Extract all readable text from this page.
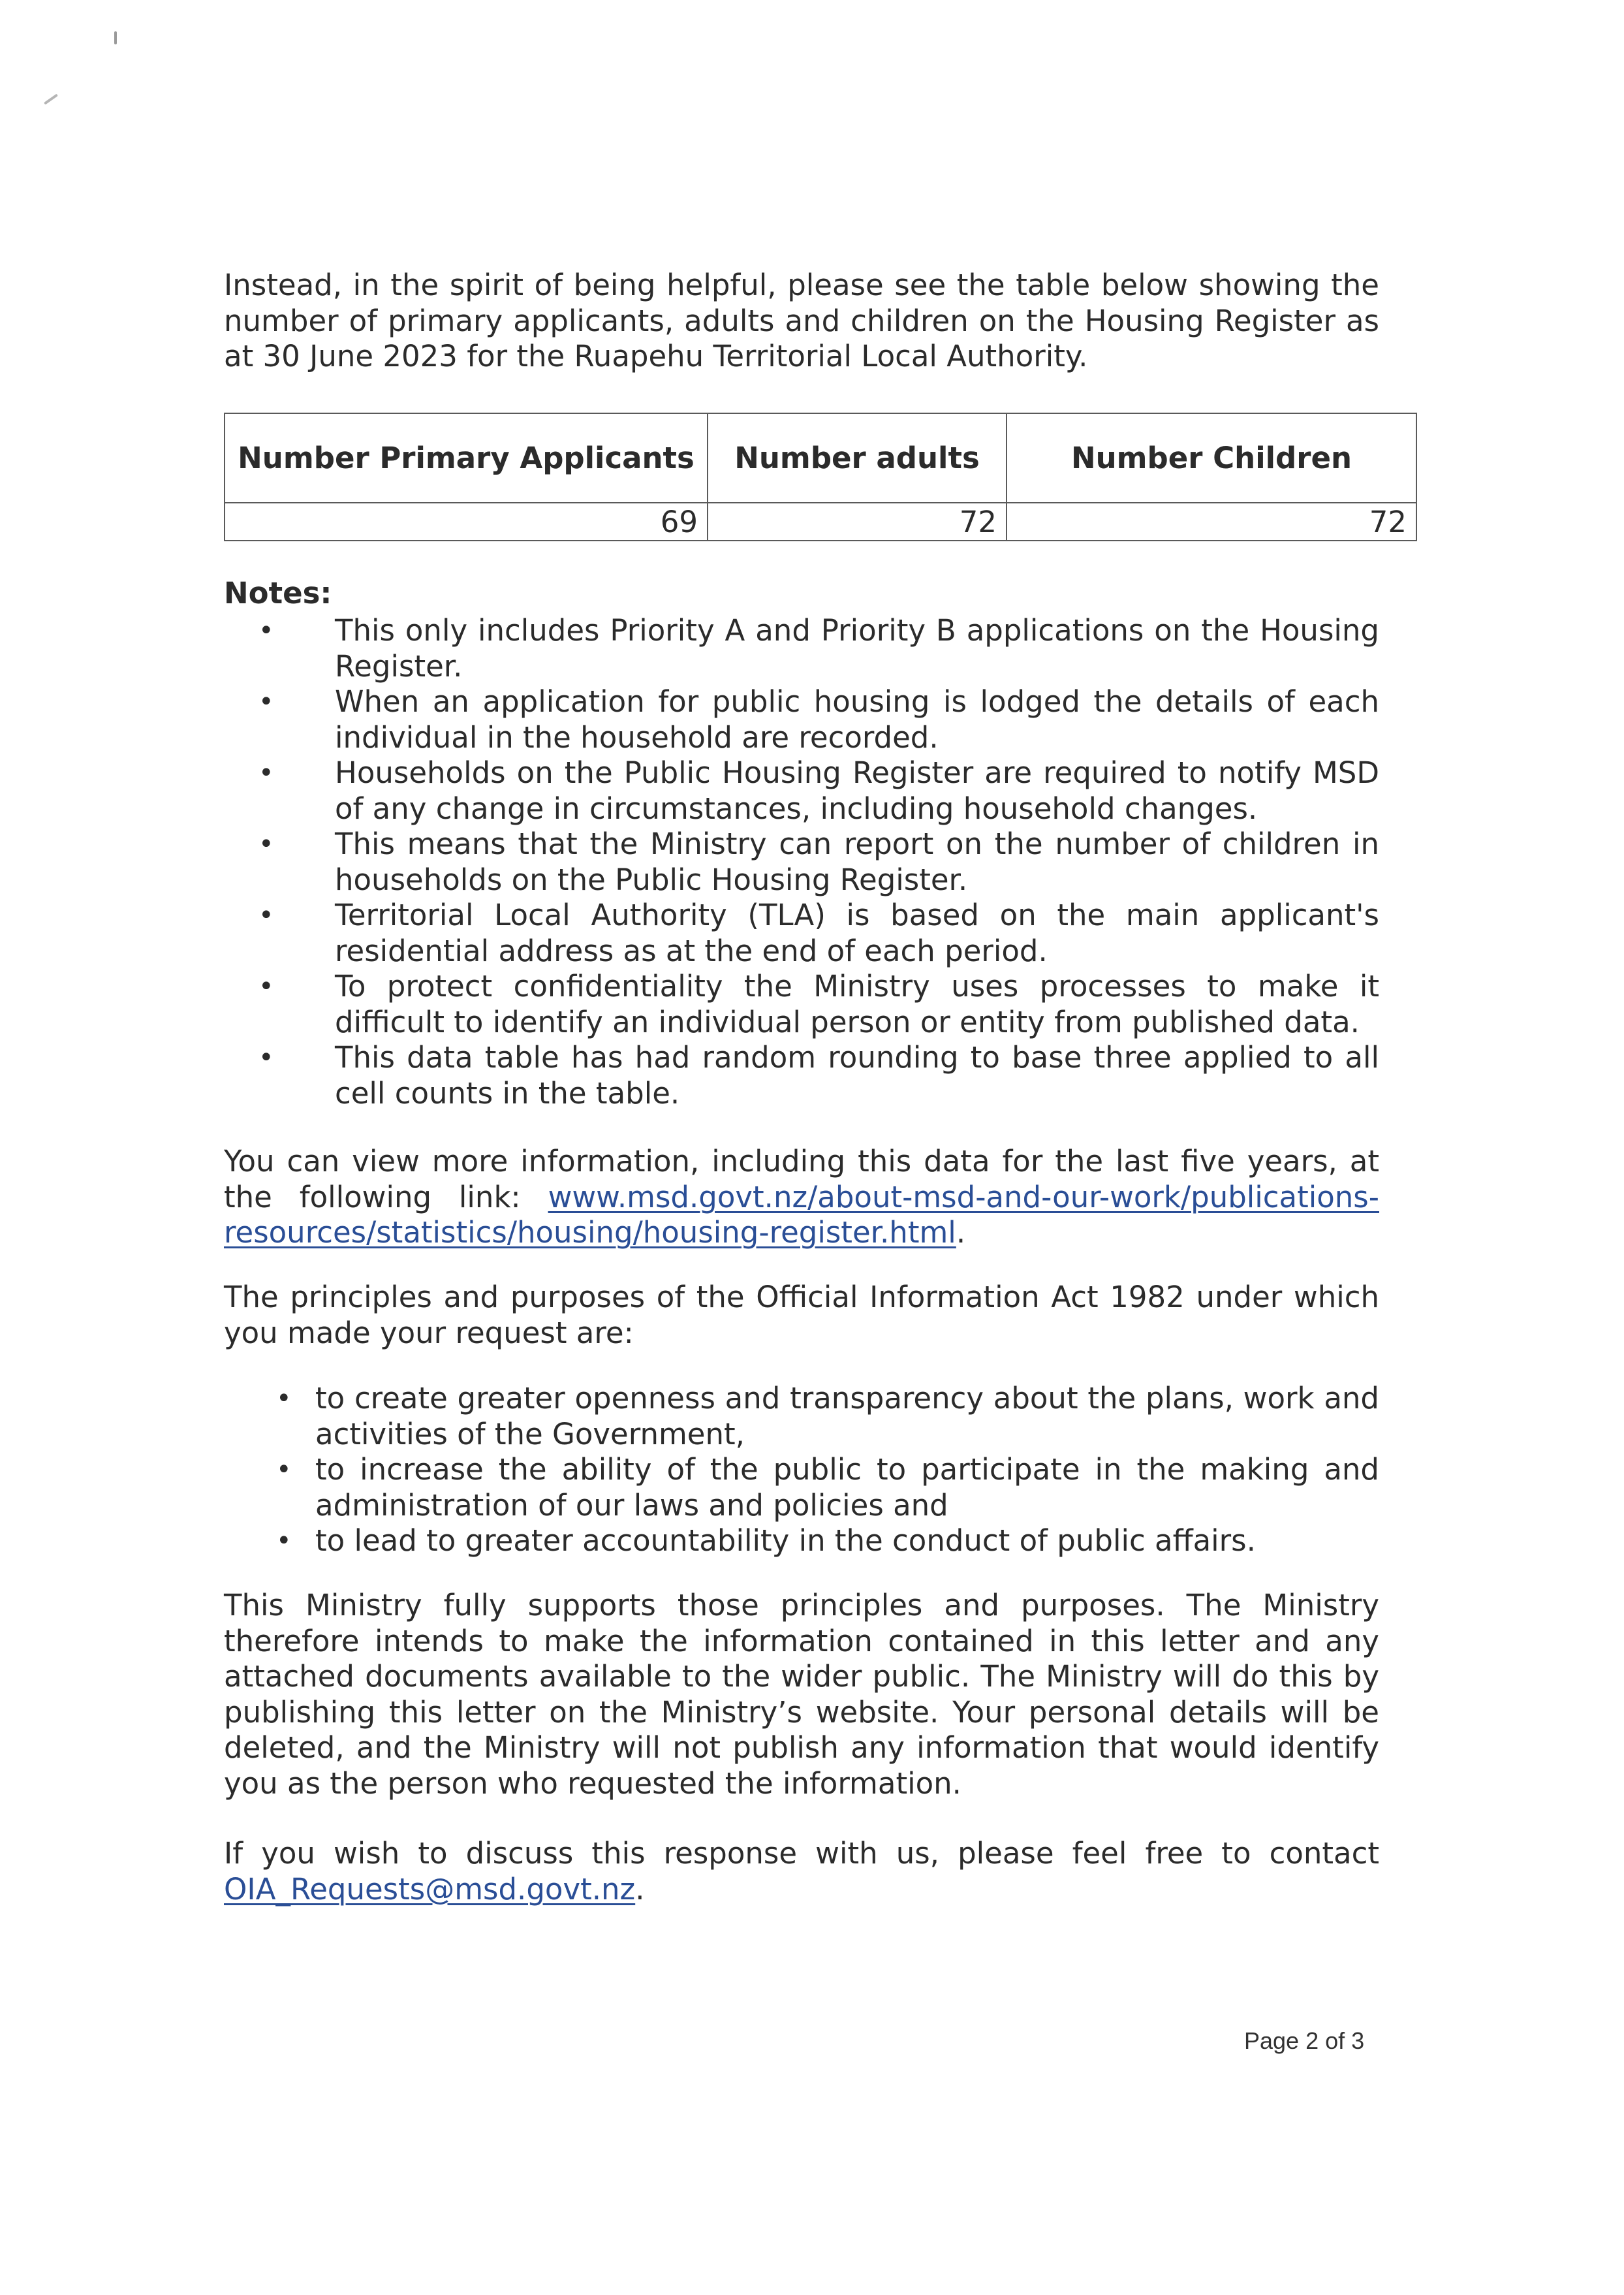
Instead, in the spirit of being helpful, please see the table below showing the number of primary applicants, adults and children on the Housing Register as at 30 June 2023 for the Ruapehu Territorial Local Authority.

Number Primary Applicants	Number adults	Number Children
69	72	72

Notes:

• This only includes Priority A and Priority B applications on the Housing Register.
• When an application for public housing is lodged the details of each individual in the household are recorded.
• Households on the Public Housing Register are required to notify MSD of any change in circumstances, including household changes.
• This means that the Ministry can report on the number of children in households on the Public Housing Register.
• Territorial Local Authority (TLA) is based on the main applicant's residential address as at the end of each period.
• To protect confidentiality the Ministry uses processes to make it difficult to identify an individual person or entity from published data.
• This data table has had random rounding to base three applied to all cell counts in the table.

You can view more information, including this data for the last five years, at the following link: www.msd.govt.nz/about-msd-and-our-work/publications-resources/statistics/housing/housing-register.html.

The principles and purposes of the Official Information Act 1982 under which you made your request are:

• to create greater openness and transparency about the plans, work and activities of the Government,
• to increase the ability of the public to participate in the making and administration of our laws and policies and
• to lead to greater accountability in the conduct of public affairs.

This Ministry fully supports those principles and purposes. The Ministry therefore intends to make the information contained in this letter and any attached documents available to the wider public. The Ministry will do this by publishing this letter on the Ministry’s website. Your personal details will be deleted, and the Ministry will not publish any information that would identify you as the person who requested the information.

If you wish to discuss this response with us, please feel free to contact OIA_Requests@msd.govt.nz.

Page 2 of 3
